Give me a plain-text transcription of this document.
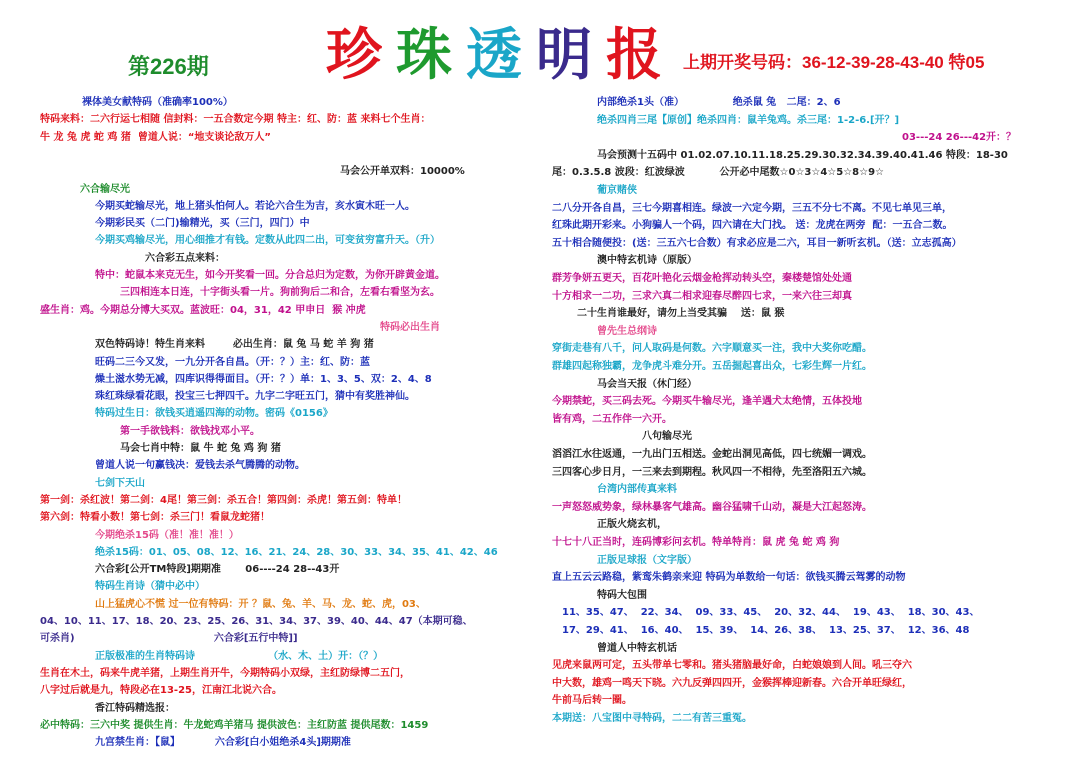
第226期 珍 珠 透 明 报 上期开奖号码：36-12-39-28-43-40 特05
裸体美女献特码（准确率100%）
特码来料：二六行运七相随 信封料：一五合数定今期 特主：红、防：蓝 来料七个生肖：
牛 龙 兔 虎 蛇 鸡 猪  曾道人说：“地支谈论敌万人”
马会公开单双料：10000%
六合输尽光
今期买蛇输尽光，地上猪头怕何人。若论六合生为吉，亥水寅木旺一人。
今期彩民买（二门)输精光，买（三门，四门）中
今期买鸡输尽光，用心细推才有钱。定数从此四二出，可变贫穷富升天。（升）
六合彩五点来料：
特中：蛇鼠本来克无生，如今开奖看一回。分合总归为定数，为你开辟黄金道。
三四相连本日连，十字街头看一片。狗前狗后二和合，左看右看坚为玄。
盛生肖：鸡。今期总分博大买双。蓝波旺：04，31，42 甲申日  猴 冲虎
特码必出生肖
双色特码诗！特生肖来料        必出生肖：鼠 兔 马 蛇 羊 狗 猪
旺码二三今又发，一九分开各自昌。（开：？）主：红、防：蓝
燥土滋水势无减，四库识得得面目。（开：？）单：1、3、5、双：2、4、8
珠红珠绿看花眼，投宝三七押四千。九字二字旺五门，猜中有奖胜神仙。
特码过生日：欲钱买逍遥四海的动物。密码《0156》
第一手欲钱料：欲钱找邓小平。
马会七肖中特：鼠 牛 蛇 兔 鸡 狗 猪
曾道人说一句赢钱决：爱钱去杀气腾腾的动物。
七剑下天山
第一剑：杀红波！第二剑：4尾！第三剑：杀五合！第四剑：杀虎！第五剑：特单！
第六剑：特看小数！第七剑：杀三门！看鼠龙蛇猪！
今期绝杀15码（准！准！准！）
绝杀15码：01、05、08、12、16、21、24、28、30、33、34、35、41、42、46
六合彩[公开TM特段]期期准       06----24 28--43开
特码生肖诗（猜中必中）
山上猛虎心不慌 过一位有特码：开 ？鼠、兔、羊、马、龙、蛇、虎，03、
04、10、11、17、18、20、23、25、26、31、34、37、39、40、44、47（本期可稳、
可杀肖)                                        六合彩[五行中特]]
正版极准的生肖特码诗                     （水、木、土）开：（？）
生肖在木土，码来牛虎羊猪，上期生肖开牛，今期特码小双绿，主红防绿博二五门，
八字过后就是九，特段必在13-25，江南江北说六合。
香江特码精选报：
必中特码：三六中奖 提供生肖：牛龙蛇鸡羊猪马 提供波色：主红防蓝 提供尾数：1459
九宫禁生肖：【鼠】          六合彩[白小姐绝杀4头]期期准
内部绝杀1头（准）              绝杀鼠 兔   二尾：2、6
绝杀四肖三尾【原创】绝杀四肖：鼠羊兔鸡。杀三尾：1-2-6.[开？]
03---24 26---42开：？
马会预测十五码中 01.02.07.10.11.18.25.29.30.32.34.39.40.41.46 特段：18-30
尾：0.3.5.8 波段：红波绿波          公开必中尾数☆0☆3☆4☆5☆8☆9☆
葡京赌侠
二八分开各自昌，三七今期喜相连。绿波一六定今期，三五不分七不离。不见七单见三单，
红珠此期开彩来。小狗骗人一个码，四六请在大门找。 送：龙虎在两旁  配：一五合二数。
五十相合随便投：(送：三五六七合数）有求必应是二六，耳目一新听玄机。（送：立志孤高）
澳中特玄机诗（原版）
群芳争妍五更天，百花叶艳化云烟金枪挥动转头空，秦楼楚馆处处通
十方相求一二功，三求六真二相求迎春尽醉四七求，一来六往三却真
二十生肖谁最好，请勿上当受其骗    送：鼠 猴
曾先生总纲诗
穿街走巷有八千，问人取码是何数。六字顺意买一注，我中大奖你吃醋。
群雄四起称独霸，龙争虎斗难分开。五岳掘起喜出众，七彩生辉一片红。
马会当天报（休门经）
今期禁蛇，买三码去死。今期买牛输尽光，逢羊遇犬太绝情，五体投地
皆有鸡，二五作伴一六开。
八句输尽光
滔滔江水往返通，一九出门五相送。金蛇出洞见高低，四七统媚一调戏。
三四客心步日月，一三来去到期程。秋风四一不相待，先至洛阳五六城。
台湾内部传真来料
一声怒怒威势象，绿林暴客气雄高。幽谷猛啸千山动，凝是大江起怒涛。
正版火烧玄机，
十七十八正当时，连码博彩问玄机。特单特肖：鼠 虎 兔 蛇 鸡 狗
正版足球报（文字版）
直上五云云路稳，紫鸾朱鹤亲来迎 特码为单数给一句话：欲钱买腾云驾雾的动物
特码大包围
11、35、47、  22、34、  09、33、45、  20、32、44、  19、43、  18、30、43、
17、29、41、  16、40、  15、39、  14、26、38、  13、25、37、  12、36、48
曾道人中特玄机话
见虎来鼠两可定，五头带单七零和。猪头猪脑最好命，白蛇娘娘到人间。吼三夺六
中大数，雄鸡一鸣天下晓。六九反弹四四开，金猴挥棒迎新春。六合开单旺绿红，
牛前马后转一圈。
本期送：八宝图中寻特码，二二有苦三重冤。
